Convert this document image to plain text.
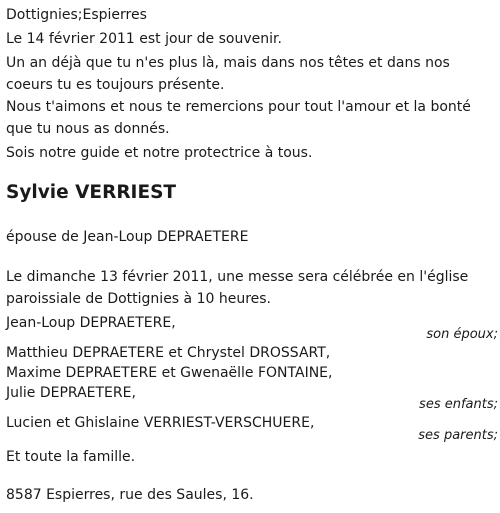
Dottignies;Espierres
Le 14 février 2011 est jour de souvenir.
Un an déjà que tu n'es plus là, mais dans nos têtes et dans nos coeurs tu es toujours présente.
Nous t'aimons et nous te remercions pour tout l'amour et la bonté que tu nous as donnés.
Sois notre guide et notre protectrice à tous.
Sylvie VERRIEST
épouse de Jean-Loup DEPRAETERE
Le dimanche 13 février 2011, une messe sera célébrée en l'église paroissiale de Dottignies à 10 heures.
Jean-Loup DEPRAETERE,
son époux;
Matthieu DEPRAETERE et Chrystel DROSSART,
Maxime DEPRAETERE et Gwenaëlle FONTAINE,
Julie DEPRAETERE,
ses enfants;
Lucien et Ghislaine VERRIEST-VERSCHUERE,
ses parents;
Et toute la famille.
8587 Espierres, rue des Saules, 16.
